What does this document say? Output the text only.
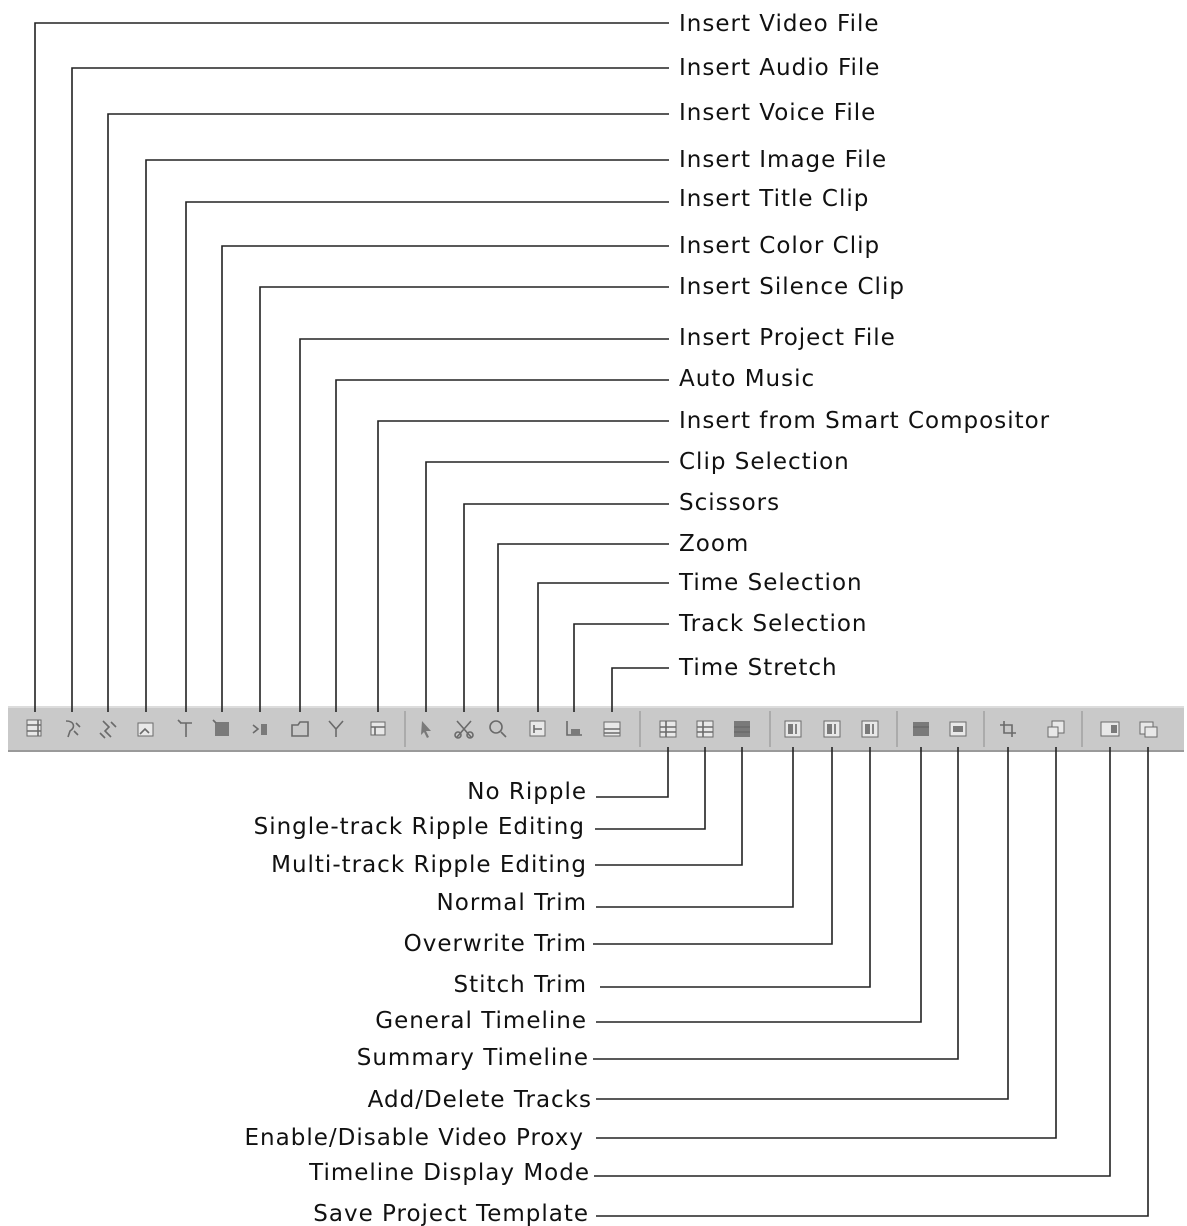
Insert Video File
Insert Audio File
Insert Voice File
Insert Image File
Insert Title Clip
Insert Color Clip
Insert Silence Clip
Insert Project File
Auto Music
Insert from Smart Compositor
Clip Selection
Scissors
Zoom
Time Selection
Track Selection
Time Stretch
No Ripple
Single-track Ripple Editing
Multi-track Ripple Editing
Normal Trim
Overwrite Trim
Stitch Trim
General Timeline
Summary Timeline
Add/Delete Tracks
Enable/Disable Video Proxy
Timeline Display Mode
Save Project Template
